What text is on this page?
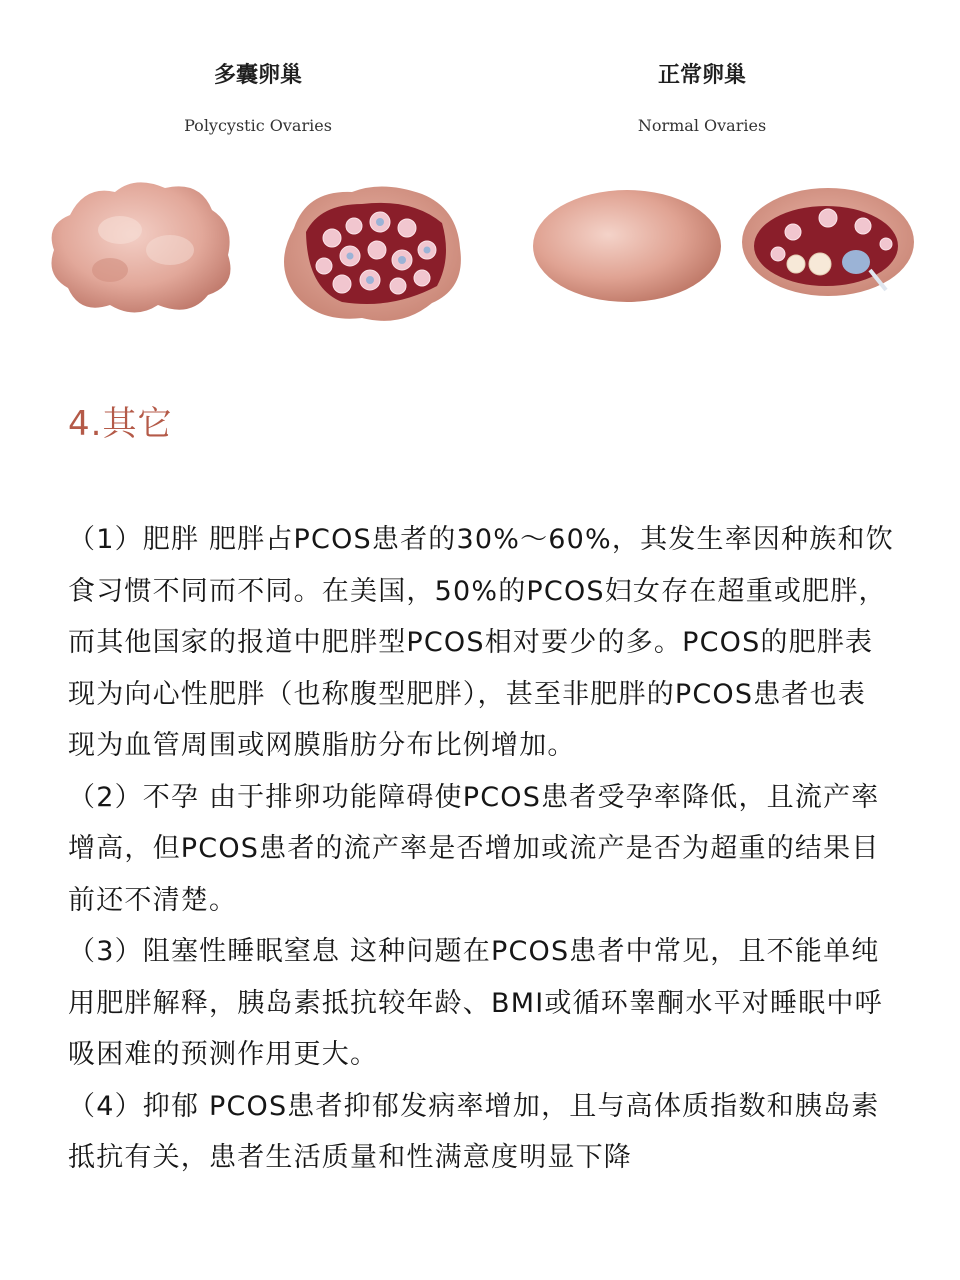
多囊卵巢
Polycystic Ovaries
正常卵巢
Normal Ovaries
4.其它

（1）肥胖 肥胖占PCOS患者的30%～60%，其发生率因种族和饮食习惯不同而不同。在美国，50%的PCOS妇女存在超重或肥胖，而其他国家的报道中肥胖型PCOS相对要少的多。PCOS的肥胖表现为向心性肥胖（也称腹型肥胖），甚至非肥胖的PCOS患者也表现为血管周围或网膜脂肪分布比例增加。

（2）不孕 由于排卵功能障碍使PCOS患者受孕率降低，且流产率增高，但PCOS患者的流产率是否增加或流产是否为超重的结果目前还不清楚。

（3）阻塞性睡眠窒息 这种问题在PCOS患者中常见，且不能单纯用肥胖解释，胰岛素抵抗较年龄、BMI或循环睾酮水平对睡眠中呼吸困难的预测作用更大。

（4）抑郁 PCOS患者抑郁发病率增加，且与高体质指数和胰岛素抵抗有关，患者生活质量和性满意度明显下降
